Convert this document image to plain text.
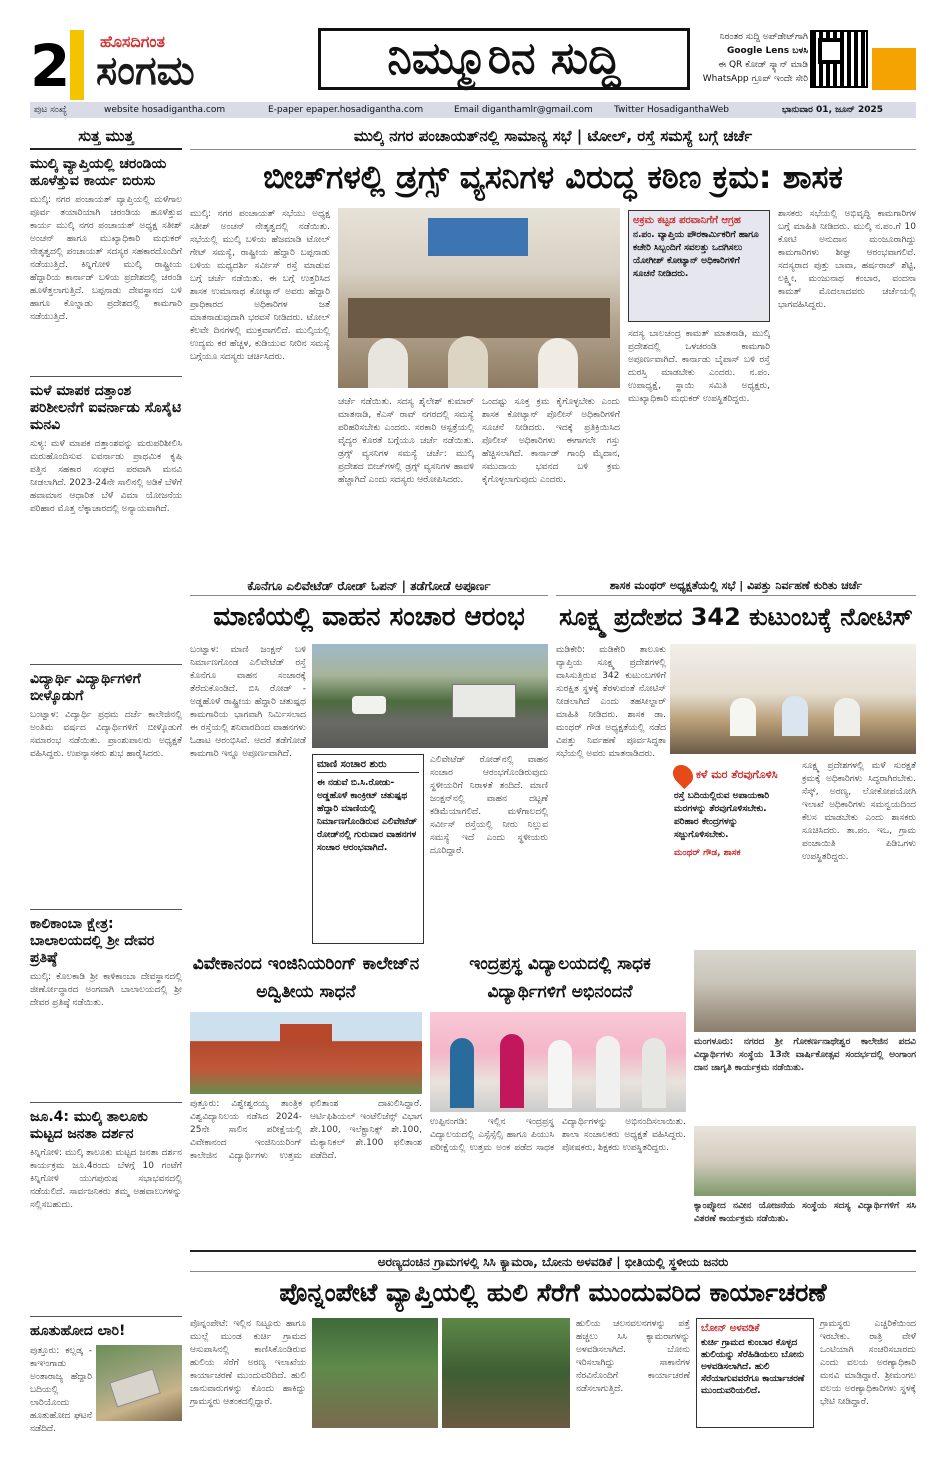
2 ಹೊಸದಿಗಂತ
ಸಂಗಮ	ನಿಮ್ಮೂರಿನ ಸುದ್ದಿ	ನಿರಂತರ ಸುದ್ದಿ ಅಪ್‌ಡೇಟ್‌ಗಾಗಿ
Google Lens ಬಳಸಿ
ಈ QR ಕೋಡ್ ಸ್ಕ್ಯಾನ್ ಮಾಡಿ
WhatsApp ಗ್ರೂಪ್ ಇಂದೇ ಸೇರಿ
ಪುಟ ಸಂಖ್ಯೆ	website hosadigantha.com	E-paper epaper.hosadigantha.com	Email diganthamlr@gmail.com Twitter HosadiganthaWeb	ಭಾನುವಾರ 01, ಜೂನ್ 2025
ಸುತ್ತ ಮುತ್ತ
ಮುಲ್ಕಿ ವ್ಯಾಪ್ತಿಯಲ್ಲಿ ಚರಂಡಿಯ ಹೂಳೆತ್ತುವ ಕಾರ್ಯ ಬಿರುಸು
ಮುಲ್ಕಿ: ನಗರ ಪಂಚಾಯತ್ ವ್ಯಾಪ್ತಿಯಲ್ಲಿ ಮಳೆಗಾಲ ಪೂರ್ವ ತಯಾರಿಯಾಗಿ ಚರಂಡಿಯ ಹೂಳೆತ್ತುವ ಕಾರ್ಯ ಮುಲ್ಕಿ ನಗರ ಪಂಚಾಯತ್ ಅಧ್ಯಕ್ಷ ಸತೀಶ್ ಅಂಚನ್ ಹಾಗೂ ಮುಖ್ಯಾಧಿಕಾರಿ ಮಧುಕರ್ ನೇತೃತ್ವದಲ್ಲಿ ಪಂಚಾಯತ್ ಸದಸ್ಯರ ಸಹಕಾರದೊಂದಿಗೆ ನಡೆಯುತ್ತಿದೆ. ಕಿನ್ನಿಗೋಳಿ ಮುಲ್ಕಿ ರಾಷ್ಟ್ರೀಯ ಹೆದ್ದಾರಿಯ ಕಾರ್ನಾಡ್ ಬಳಿಯ ಪ್ರದೇಶದಲ್ಲಿ ಚರಂಡಿ ಹೂಳೆತ್ತಲಾಗುತ್ತಿದೆ. ಬಪ್ಪನಾಡು ದೇವಸ್ಥಾನದ ಬಳಿ ಹಾಗೂ ಕೊಲ್ನಾಡು ಪ್ರದೇಶದಲ್ಲಿ ಕಾಮಗಾರಿ ನಡೆಯುತ್ತಿದೆ.
ಮಳೆ ಮಾಪಕ ದತ್ತಾಂಶ ಪರಿಶೀಲನೆಗೆ ಐವರ್ನಾಡು ಸೊಸೈಟಿ ಮನವಿ
ಸುಳ್ಯ: ಮಳೆ ಮಾಪಕ ದತ್ತಾಂಶವನ್ನು ಮರುಪರಿಶೀಲಿಸಿ ಮರುಹೊಂದಿಸುವ ಐವರ್ನಾಡು ಪ್ರಾಥಮಿಕ ಕೃಷಿ ಪತ್ತಿನ ಸಹಕಾರ ಸಂಘದ ಪರವಾಗಿ ಮನವಿ ನೀಡಲಾಗಿದೆ. 2023-24ನೇ ಸಾಲಿನಲ್ಲಿ ಅಡಿಕೆ ಬೆಳೆಗೆ ಹವಾಮಾನ ಆಧಾರಿತ ಬೆಳೆ ವಿಮಾ ಯೋಜನೆಯ ಪರಿಹಾರ ಮೊತ್ತ ಲೆಕ್ಕಾಚಾರದಲ್ಲಿ ಅನ್ಯಾಯವಾಗಿದೆ.
ವಿದ್ಯಾರ್ಥಿ ವಿದ್ಯಾರ್ಥಿಗಳಿಗೆ ಬೀಳ್ಕೊಡುಗೆ
ಬಂಟ್ವಾಳ: ವಿದ್ಯಾರ್ಥಿ ಪ್ರಥಮ ದರ್ಜೆ ಕಾಲೇಜಿನಲ್ಲಿ ಅಂತಿಮ ವರ್ಷದ ವಿದ್ಯಾರ್ಥಿಗಳಿಗೆ ಬೀಳ್ಕೊಡುಗೆ ಸಮಾರಂಭ ನಡೆಯಿತು. ಪ್ರಾಂಶುಪಾಲರು ಅಧ್ಯಕ್ಷತೆ ವಹಿಸಿದ್ದರು. ಉಪನ್ಯಾಸಕರು ಶುಭ ಹಾರೈಸಿದರು.
ಕಾಲಿಕಾಂಬಾ ಕ್ಷೇತ್ರ: ಬಾಲಾಲಯದಲ್ಲಿ ಶ್ರೀ ದೇವರ ಪ್ರತಿಷ್ಠೆ
ಮುಲ್ಕಿ: ಕೊಲಕಾಡಿ ಶ್ರೀ ಕಾಳಿಕಾಂಬಾ ದೇವಸ್ಥಾನದಲ್ಲಿ ಜೀರ್ಣೋದ್ಧಾರದ ಅಂಗವಾಗಿ ಬಾಲಾಲಯದಲ್ಲಿ ಶ್ರೀ ದೇವರ ಪ್ರತಿಷ್ಠೆ ನಡೆಯಿತು.
ಜೂ.4: ಮುಲ್ಕಿ ತಾಲೂಕು ಮಟ್ಟದ ಜನತಾ ದರ್ಶನ
ಕಿನ್ನಿಗೋಳಿ: ಮುಲ್ಕಿ ತಾಲೂಕು ಮಟ್ಟದ ಜನತಾ ದರ್ಶನ ಕಾರ್ಯಕ್ರಮ ಜೂ.4ರಂದು ಬೆಳಗ್ಗೆ 10 ಗಂಟೆಗೆ ಕಿನ್ನಿಗೋಳಿ ಯುಗಪುರುಷ ಸಭಾಭವನದಲ್ಲಿ ನಡೆಯಲಿದೆ. ಸಾರ್ವಜನಿಕರು ತಮ್ಮ ಅಹವಾಲುಗಳನ್ನು ಸಲ್ಲಿಸಬಹುದು.
ಹೂತುಹೋದ ಲಾರಿ!
ಪುತ್ತೂರು: ಕಲ್ಲಡ್ಕ - ಕಾಞಂಗಾಡು ಅಂತಾರಾಜ್ಯ ಹೆದ್ದಾರಿ ಬದಿಯಲ್ಲಿ ಲಾರಿಯೊಂದು ಹೂತುಹೋದ ಘಟನೆ ನಡೆದಿದೆ.
ಮುಲ್ಕಿ ನಗರ ಪಂಚಾಯತ್‌ನಲ್ಲಿ ಸಾಮಾನ್ಯ ಸಭೆ | ಟೋಲ್, ರಸ್ತೆ ಸಮಸ್ಯೆ ಬಗ್ಗೆ ಚರ್ಚೆ
ಬೀಚ್‌ಗಳಲ್ಲಿ ಡ್ರಗ್ಸ್ ವ್ಯಸನಿಗಳ ವಿರುದ್ಧ ಕಠಿಣ ಕ್ರಮ: ಶಾಸಕ
ಮುಲ್ಕಿ: ನಗರ ಪಂಚಾಯತ್ ಸಭೆಯು ಅಧ್ಯಕ್ಷ ಸತೀಶ್ ಅಂಚನ್ ನೇತೃತ್ವದಲ್ಲಿ ನಡೆಯಿತು. ಸಭೆಯಲ್ಲಿ ಮುಲ್ಕಿ ಬಳಿಯ ಹೆಜಮಾಡಿ ಟೋಲ್ ಗೇಟ್ ಸಮಸ್ಯೆ, ರಾಷ್ಟ್ರೀಯ ಹೆದ್ದಾರಿ ಬಪ್ಪನಾಡು ಬಳಿಯ ಮಧ್ಯದರ್ಶಿ ಸರ್ವೀಸ್ ರಸ್ತೆ ಮಾಡುವ ಬಗ್ಗೆ ಚರ್ಚೆ ನಡೆಯಿತು. ಈ ಬಗ್ಗೆ ಉತ್ತರಿಸಿದ ಶಾಸಕ ಉಮಾನಾಥ ಕೋಟ್ಯಾನ್ ಅವರು ಹೆದ್ದಾರಿ ಪ್ರಾಧಿಕಾರದ ಅಧಿಕಾರಿಗಳ ಜತೆ ಮಾತನಾಡುವುದಾಗಿ ಭರವಸೆ ನೀಡಿದರು. ಟೋಲ್ ಕೆಲವೇ ದಿನಗಳಲ್ಲಿ ಮುಕ್ತವಾಗಲಿದೆ. ಮುಲ್ಕಿಯಲ್ಲಿ ಉದ್ಯಮ ಕರ ಹೆಚ್ಚಳ, ಕುಡಿಯುವ ನೀರಿನ ಸಮಸ್ಯೆ ಬಗ್ಗೆಯೂ ಸದಸ್ಯರು ಚರ್ಚಿಸಿದರು.
ಚರ್ಚೆ ನಡೆಯಿತು. ಸದಸ್ಯ ಶೈಲೇಶ್ ಕುಮಾರ್ ಮಾತನಾಡಿ, ಕೆಎಸ್ ರಾವ್ ನಗರದಲ್ಲಿ ಸಮಸ್ಯೆ ಪರಿಹರಿಸಬೇಕು ಎಂದರು. ಸರಕಾರಿ ಆಸ್ಪತ್ರೆಯಲ್ಲಿ ವೈದ್ಯರ ಕೊರತೆ ಬಗ್ಗೆಯೂ ಚರ್ಚೆ ನಡೆಯಿತು. ಡ್ರಗ್ಸ್ ವ್ಯಸನಿಗಳ ಸಮಸ್ಯೆ ಚರ್ಚೆ: ಮುಲ್ಕಿ ಪ್ರದೇಶದ ಬೀಚ್‌ಗಳಲ್ಲಿ ಡ್ರಗ್ಸ್ ವ್ಯಸನಿಗಳ ಹಾವಳಿ ಹೆಚ್ಚಾಗಿದೆ ಎಂದು ಸದಸ್ಯರು ಆರೋಪಿಸಿದರು.
ಒಂದಷ್ಟು ಸೂಕ್ತ ಕ್ರಮ ಕೈಗೊಳ್ಳಬೇಕು ಎಂದು ಶಾಸಕ ಕೋಟ್ಯಾನ್ ಪೊಲೀಸ್ ಅಧಿಕಾರಿಗಳಿಗೆ ಸೂಚನೆ ನೀಡಿದರು. ಇದಕ್ಕೆ ಪ್ರತಿಕ್ರಿಯಿಸಿದ ಪೊಲೀಸ್ ಅಧಿಕಾರಿಗಳು ಈಗಾಗಲೇ ಗಸ್ತು ಹೆಚ್ಚಿಸಲಾಗಿದೆ. ಕಾರ್ನಾಡ್ ಗಾಂಧಿ ಮೈದಾನ, ಸಮುದಾಯ ಭವನದ ಬಳಿ ಕ್ರಮ ಕೈಗೊಳ್ಳಲಾಗುವುದು ಎಂದರು.
ಅಕ್ರಮ ಕಟ್ಟಡ ಪರವಾನಿಗೆಗೆ ಆಗ್ರಹ
ನ.ಪಂ. ವ್ಯಾಪ್ತಿಯ ಪೌರಕಾರ್ಮಿಕರಿಗೆ ಹಾಗೂ ಕಚೇರಿ ಸಿಬ್ಬಂದಿಗೆ ಸವಲತ್ತು ಒದಗಿಸಲು ಯೋಗೀಶ್ ಕೋಟ್ಯಾನ್ ಅಧಿಕಾರಿಗಳಿಗೆ ಸೂಚನೆ ನೀಡಿದರು.
ಸದಸ್ಯ ಬಾಲಚಂದ್ರ ಕಾಮತ್ ಮಾತನಾಡಿ, ಮುಲ್ಕಿ ಪ್ರದೇಶದಲ್ಲಿ ಒಳಚರಂಡಿ ಕಾಮಗಾರಿ ಅಪೂರ್ಣವಾಗಿದೆ. ಕಾರ್ನಾಡು ಬೈಪಾಸ್ ಬಳಿ ರಸ್ತೆ ದುರಸ್ತಿ ಮಾಡಬೇಕು ಎಂದರು. ನ.ಪಂ. ಉಪಾಧ್ಯಕ್ಷೆ, ಸ್ಥಾಯಿ ಸಮಿತಿ ಅಧ್ಯಕ್ಷರು, ಮುಖ್ಯಾಧಿಕಾರಿ ಮಧುಕರ್ ಉಪಸ್ಥಿತರಿದ್ದರು.
ಶಾಸಕರು ಸಭೆಯಲ್ಲಿ ಅಭಿವೃದ್ಧಿ ಕಾಮಗಾರಿಗಳ ಬಗ್ಗೆ ಮಾಹಿತಿ ನೀಡಿದರು. ಮುಲ್ಕಿ ನ.ಪಂ.ಗೆ 10 ಕೋಟಿ ಅನುದಾನ ಮಂಜೂರಾಗಿದ್ದು ಕಾಮಗಾರಿಗಳು ಶೀಘ್ರ ಆರಂಭವಾಗಲಿವೆ. ಸದಸ್ಯರಾದ ಪುತ್ತು ಬಾವಾ, ಹರ್ಷರಾಜ್ ಶೆಟ್ಟಿ, ಲಕ್ಷ್ಮೀ, ಮಂಜುನಾಥ ಕಂಬಾರ, ವಂದನಾ ಕಾಮತ್ ಮೊದಲಾದವರು ಚರ್ಚೆಯಲ್ಲಿ ಭಾಗವಹಿಸಿದ್ದರು.
ಕೊನೆಗೂ ಎಲಿವೇಟೆಡ್ ರೋಡ್ ಓಪನ್ | ತಡೆಗೋಡೆ ಅಪೂರ್ಣ
ಮಾಣಿಯಲ್ಲಿ ವಾಹನ ಸಂಚಾರ ಆರಂಭ
ಬಂಟ್ವಾಳ: ಮಾಣಿ ಜಂಕ್ಷನ್ ಬಳಿ ನಿರ್ಮಾಣಗೊಂಡ ಎಲಿವೇಟೆಡ್ ರಸ್ತೆ ಕೊನೆಗೂ ವಾಹನ ಸಂಚಾರಕ್ಕೆ ತೆರೆದುಕೊಂಡಿದೆ. ಬಿಸಿ ರೋಡ್ - ಅಡ್ಡಹೊಳೆ ರಾಷ್ಟ್ರೀಯ ಹೆದ್ದಾರಿ ಚತುಷ್ಪಥ ಕಾಮಗಾರಿಯ ಭಾಗವಾಗಿ ನಿರ್ಮಿಸಲಾದ ಈ ರಸ್ತೆಯಲ್ಲಿ ಶನಿವಾರದಿಂದ ವಾಹನಗಳು ಓಡಾಟ ಆರಂಭಿಸಿವೆ. ಆದರೆ ತಡೆಗೋಡೆ ಕಾಮಗಾರಿ ಇನ್ನೂ ಅಪೂರ್ಣವಾಗಿದೆ.
ಮಾಣಿ ಸಂಚಾರ ಶುರು
ಈ ನಡುವೆ ಬಿ.ಸಿ.ರೋಡು-ಅಡ್ಡಹೊಳೆ ಕಾಂಕ್ರೀಟ್ ಚತುಷ್ಪಥ ಹೆದ್ದಾರಿ ಮಾಣಿಯಲ್ಲಿ ನಿರ್ಮಾಣಗೊಂಡಿರುವ ಎಲಿವೇಟೆಡ್ ರೋಡ್‌ನಲ್ಲಿ ಗುರುವಾರ ವಾಹನಗಳ ಸಂಚಾರ ಆರಂಭವಾಗಿದೆ.
ಎಲಿವೇಟೆಡ್ ರೋಡ್‌ನಲ್ಲಿ ವಾಹನ ಸಂಚಾರ ಆರಂಭಗೊಂಡಿರುವುದು ಸ್ಥಳೀಯರಿಗೆ ನಿರಾಳತೆ ತಂದಿದೆ. ಮಾಣಿ ಜಂಕ್ಷನ್‌ನಲ್ಲಿ ವಾಹನ ದಟ್ಟಣೆ ಕಡಿಮೆಯಾಗಲಿದೆ. ಮಳೆಗಾಲದಲ್ಲಿ ಸರ್ವೀಸ್ ರಸ್ತೆಯಲ್ಲಿ ನೀರು ನಿಲ್ಲುವ ಸಮಸ್ಯೆ ಇದೆ ಎಂದು ಸ್ಥಳೀಯರು ದೂರಿದ್ದಾರೆ.
ಶಾಸಕ ಮಂಥರ್ ಅಧ್ಯಕ್ಷತೆಯಲ್ಲಿ ಸಭೆ | ವಿಪತ್ತು ನಿರ್ವಹಣೆ ಕುರಿತು ಚರ್ಚೆ
ಸೂಕ್ಷ್ಮ ಪ್ರದೇಶದ 342 ಕುಟುಂಬಕ್ಕೆ ನೋಟಿಸ್
ಮಡಿಕೇರಿ: ಮಡಿಕೇರಿ ತಾಲೂಕು ವ್ಯಾಪ್ತಿಯ ಸೂಕ್ಷ್ಮ ಪ್ರದೇಶಗಳಲ್ಲಿ ವಾಸಿಸುತ್ತಿರುವ 342 ಕುಟುಂಬಗಳಿಗೆ ಸುರಕ್ಷಿತ ಸ್ಥಳಕ್ಕೆ ತೆರಳುವಂತೆ ನೋಟಿಸ್ ನೀಡಲಾಗಿದೆ ಎಂದು ತಹಸೀಲ್ದಾರ್ ಮಾಹಿತಿ ನೀಡಿದರು. ಶಾಸಕ ಡಾ. ಮಂಥರ್ ಗೌಡ ಅಧ್ಯಕ್ಷತೆಯಲ್ಲಿ ನಡೆದ ವಿಪತ್ತು ನಿರ್ವಹಣೆ ಪೂರ್ವಸಿದ್ಧತಾ ಸಭೆಯಲ್ಲಿ ಅವರು ಮಾತನಾಡಿದರು.
ಕಳೆ ಮರ ತೆರವುಗೊಳಿಸಿ
ರಸ್ತೆ ಬದಿಯಲ್ಲಿರುವ ಅಪಾಯಕಾರಿ ಮರಗಳನ್ನು ತೆರವುಗೊಳಿಸಬೇಕು. ಪರಿಹಾರ ಕೇಂದ್ರಗಳನ್ನು ಸಜ್ಜುಗೊಳಿಸಬೇಕು.
ಮಂಥರ್ ಗೌಡ, ಶಾಸಕ
ಸೂಕ್ಷ್ಮ ಪ್ರದೇಶಗಳಲ್ಲಿ ಮಳೆ ಸುರಕ್ಷತೆ ಕ್ರಮಕ್ಕೆ ಅಧಿಕಾರಿಗಳು ಸಿದ್ಧರಾಗಿರಬೇಕು. ಸೆಸ್ಕ್, ಅರಣ್ಯ, ಲೋಕೋಪಯೋಗಿ ಇಲಾಖೆ ಅಧಿಕಾರಿಗಳು ಸಮನ್ವಯದಿಂದ ಕೆಲಸ ಮಾಡಬೇಕು ಎಂದು ಶಾಸಕರು ಸೂಚಿಸಿದರು. ತಾ.ಪಂ. ಇಒ, ಗ್ರಾಮ ಪಂಚಾಯಿತಿ ಪಿಡಿಒಗಳು ಉಪಸ್ಥಿತರಿದ್ದರು.
ವಿವೇಕಾನಂದ ಇಂಜಿನಿಯರಿಂಗ್ ಕಾಲೇಜ್‌ನ ಅದ್ವಿತೀಯ ಸಾಧನೆ
ಪುತ್ತೂರು: ವಿಶ್ವೇಶ್ವರಯ್ಯ ತಾಂತ್ರಿಕ ವಿಶ್ವವಿದ್ಯಾನಿಲಯ ನಡೆಸಿದ 2024-25ನೇ ಸಾಲಿನ ಪರೀಕ್ಷೆಯಲ್ಲಿ ವಿವೇಕಾನಂದ ಇಂಜಿನಿಯರಿಂಗ್ ಕಾಲೇಜಿನ ವಿದ್ಯಾರ್ಥಿಗಳು ಉತ್ತಮ ಫಲಿತಾಂಶ ದಾಖಲಿಸಿದ್ದಾರೆ. ಆರ್ಟಿಫಿಶಿಯಲ್ ಇಂಟೆಲಿಜೆನ್ಸ್ ವಿಭಾಗ ಶೇ.100, ಇಲೆಕ್ಟ್ರಾನಿಕ್ಸ್ ಶೇ.100, ಮೆಕ್ಯಾನಿಕಲ್ ಶೇ.100 ಫಲಿತಾಂಶ ಪಡೆದಿದೆ.
ಇಂದ್ರಪ್ರಸ್ಥ ವಿದ್ಯಾಲಯದಲ್ಲಿ ಸಾಧಕ ವಿದ್ಯಾರ್ಥಿಗಳಿಗೆ ಅಭಿನಂದನೆ
ಉಪ್ಪಿನಂಗಡಿ: ಇಲ್ಲಿನ ಇಂದ್ರಪ್ರಸ್ಥ ವಿದ್ಯಾಲಯದಲ್ಲಿ ಎಸ್ಸೆಸ್ಸೆಲ್ಸಿ ಹಾಗೂ ಪಿಯುಸಿ ಪರೀಕ್ಷೆಯಲ್ಲಿ ಉತ್ತಮ ಅಂಕ ಪಡೆದ ಸಾಧಕ ವಿದ್ಯಾರ್ಥಿಗಳನ್ನು ಅಭಿನಂದಿಸಲಾಯಿತು. ಶಾಲಾ ಸಂಚಾಲಕರು ಅಧ್ಯಕ್ಷತೆ ವಹಿಸಿದ್ದರು. ಪೋಷಕರು, ಶಿಕ್ಷಕರು ಉಪಸ್ಥಿತರಿದ್ದರು.
ಮಂಗಳೂರು: ನಗರದ ಶ್ರೀ ಗೋಕರ್ಣನಾಥೇಶ್ವರ ಕಾಲೇಜಿನ ಪದವಿ ವಿದ್ಯಾರ್ಥಿಗಳು ಸಂಸ್ಥೆಯ 13ನೇ ವಾರ್ಷಿಕೋತ್ಸವ ಸಂದರ್ಭದಲ್ಲಿ ಅಂಗಾಂಗ ದಾನ ಜಾಗೃತಿ ಕಾರ್ಯಕ್ರಮ ನಡೆಯಿತು.
ಕ್ಯಾಂಪ್ಕೋದ ನವೀನ ಯೋಜನೆಯ ಸಂಸ್ಥೆಯ ಸದಸ್ಯ ವಿದ್ಯಾರ್ಥಿಗಳಿಗೆ ಸಸಿ ವಿತರಣೆ ಕಾರ್ಯಕ್ರಮ ನಡೆಯಿತು.
ಅರಣ್ಯದಂಚಿನ ಗ್ರಾಮಗಳಲ್ಲಿ ಸಿಸಿ ಕ್ಯಾಮರಾ, ಬೋನು ಅಳವಡಿಕೆ | ಭೀತಿಯಲ್ಲಿ ಸ್ಥಳೀಯ ಜನರು
ಪೊನ್ನಂಪೇಟೆ ವ್ಯಾಪ್ತಿಯಲ್ಲಿ ಹುಲಿ ಸೆರೆಗೆ ಮುಂದುವರಿದ ಕಾರ್ಯಾಚರಣೆ
ಪೊನ್ನಂಪೇಟೆ: ಇಲ್ಲಿನ ನಿಟ್ಟೂರು ಹಾಗೂ ಮುಲ್ಲೆ ಮುಂಡ ಕುರ್ಚಿ ಗ್ರಾಮದ ಆಸುಪಾಸಿನಲ್ಲಿ ಕಾಣಿಸಿಕೊಂಡಿರುವ ಹುಲಿಯ ಸೆರೆಗೆ ಅರಣ್ಯ ಇಲಾಖೆಯ ಕಾರ್ಯಾಚರಣೆ ಮುಂದುವರಿದಿದೆ. ಹುಲಿ ಜಾನುವಾರುಗಳನ್ನು ಕೊಂದು ಹಾಕಿದ್ದು ಗ್ರಾಮಸ್ಥರು ಆತಂಕದಲ್ಲಿದ್ದಾರೆ.
ಹುಲಿಯ ಚಲನವಲನಗಳನ್ನು ಪತ್ತೆ ಹಚ್ಚಲು ಸಿಸಿ ಕ್ಯಾಮರಾಗಳನ್ನು ಅಳವಡಿಸಲಾಗಿದೆ. ಬೋನು ಇರಿಸಲಾಗಿದ್ದು ಸಾಕಾನೆಗಳ ನೆರವಿನೊಂದಿಗೆ ಕಾರ್ಯಾಚರಣೆ ನಡೆಸಲಾಗುತ್ತಿದೆ.
ಬೋನ್ ಅಳವಡಿಕೆ
ಕುರ್ಚಿ ಗ್ರಾಮದ ಕುಂಬಾರ ಕೊಳ್ಳದ ಹುಲಿಯನ್ನು ಸೆರೆಹಿಡಿಯಲು ಬೋನು ಅಳವಡಿಸಲಾಗಿದೆ. ಹುಲಿ ಸೆರೆಯಾಗುವವರೆಗೂ ಕಾರ್ಯಾಚರಣೆ ಮುಂದುವರಿಯಲಿದೆ.
ಗ್ರಾಮಸ್ಥರು ಎಚ್ಚರಿಕೆಯಿಂದ ಇರಬೇಕು. ರಾತ್ರಿ ವೇಳೆ ಒಂಟಿಯಾಗಿ ಸಂಚರಿಸಬಾರದು ಎಂದು ವಲಯ ಅರಣ್ಯಾಧಿಕಾರಿ ಮನವಿ ಮಾಡಿದ್ದಾರೆ. ಶ್ರೀಮಂಗಲ ವಲಯ ಅರಣ್ಯಾಧಿಕಾರಿಗಳು ಸ್ಥಳಕ್ಕೆ ಭೇಟಿ ನೀಡಿದ್ದಾರೆ.
